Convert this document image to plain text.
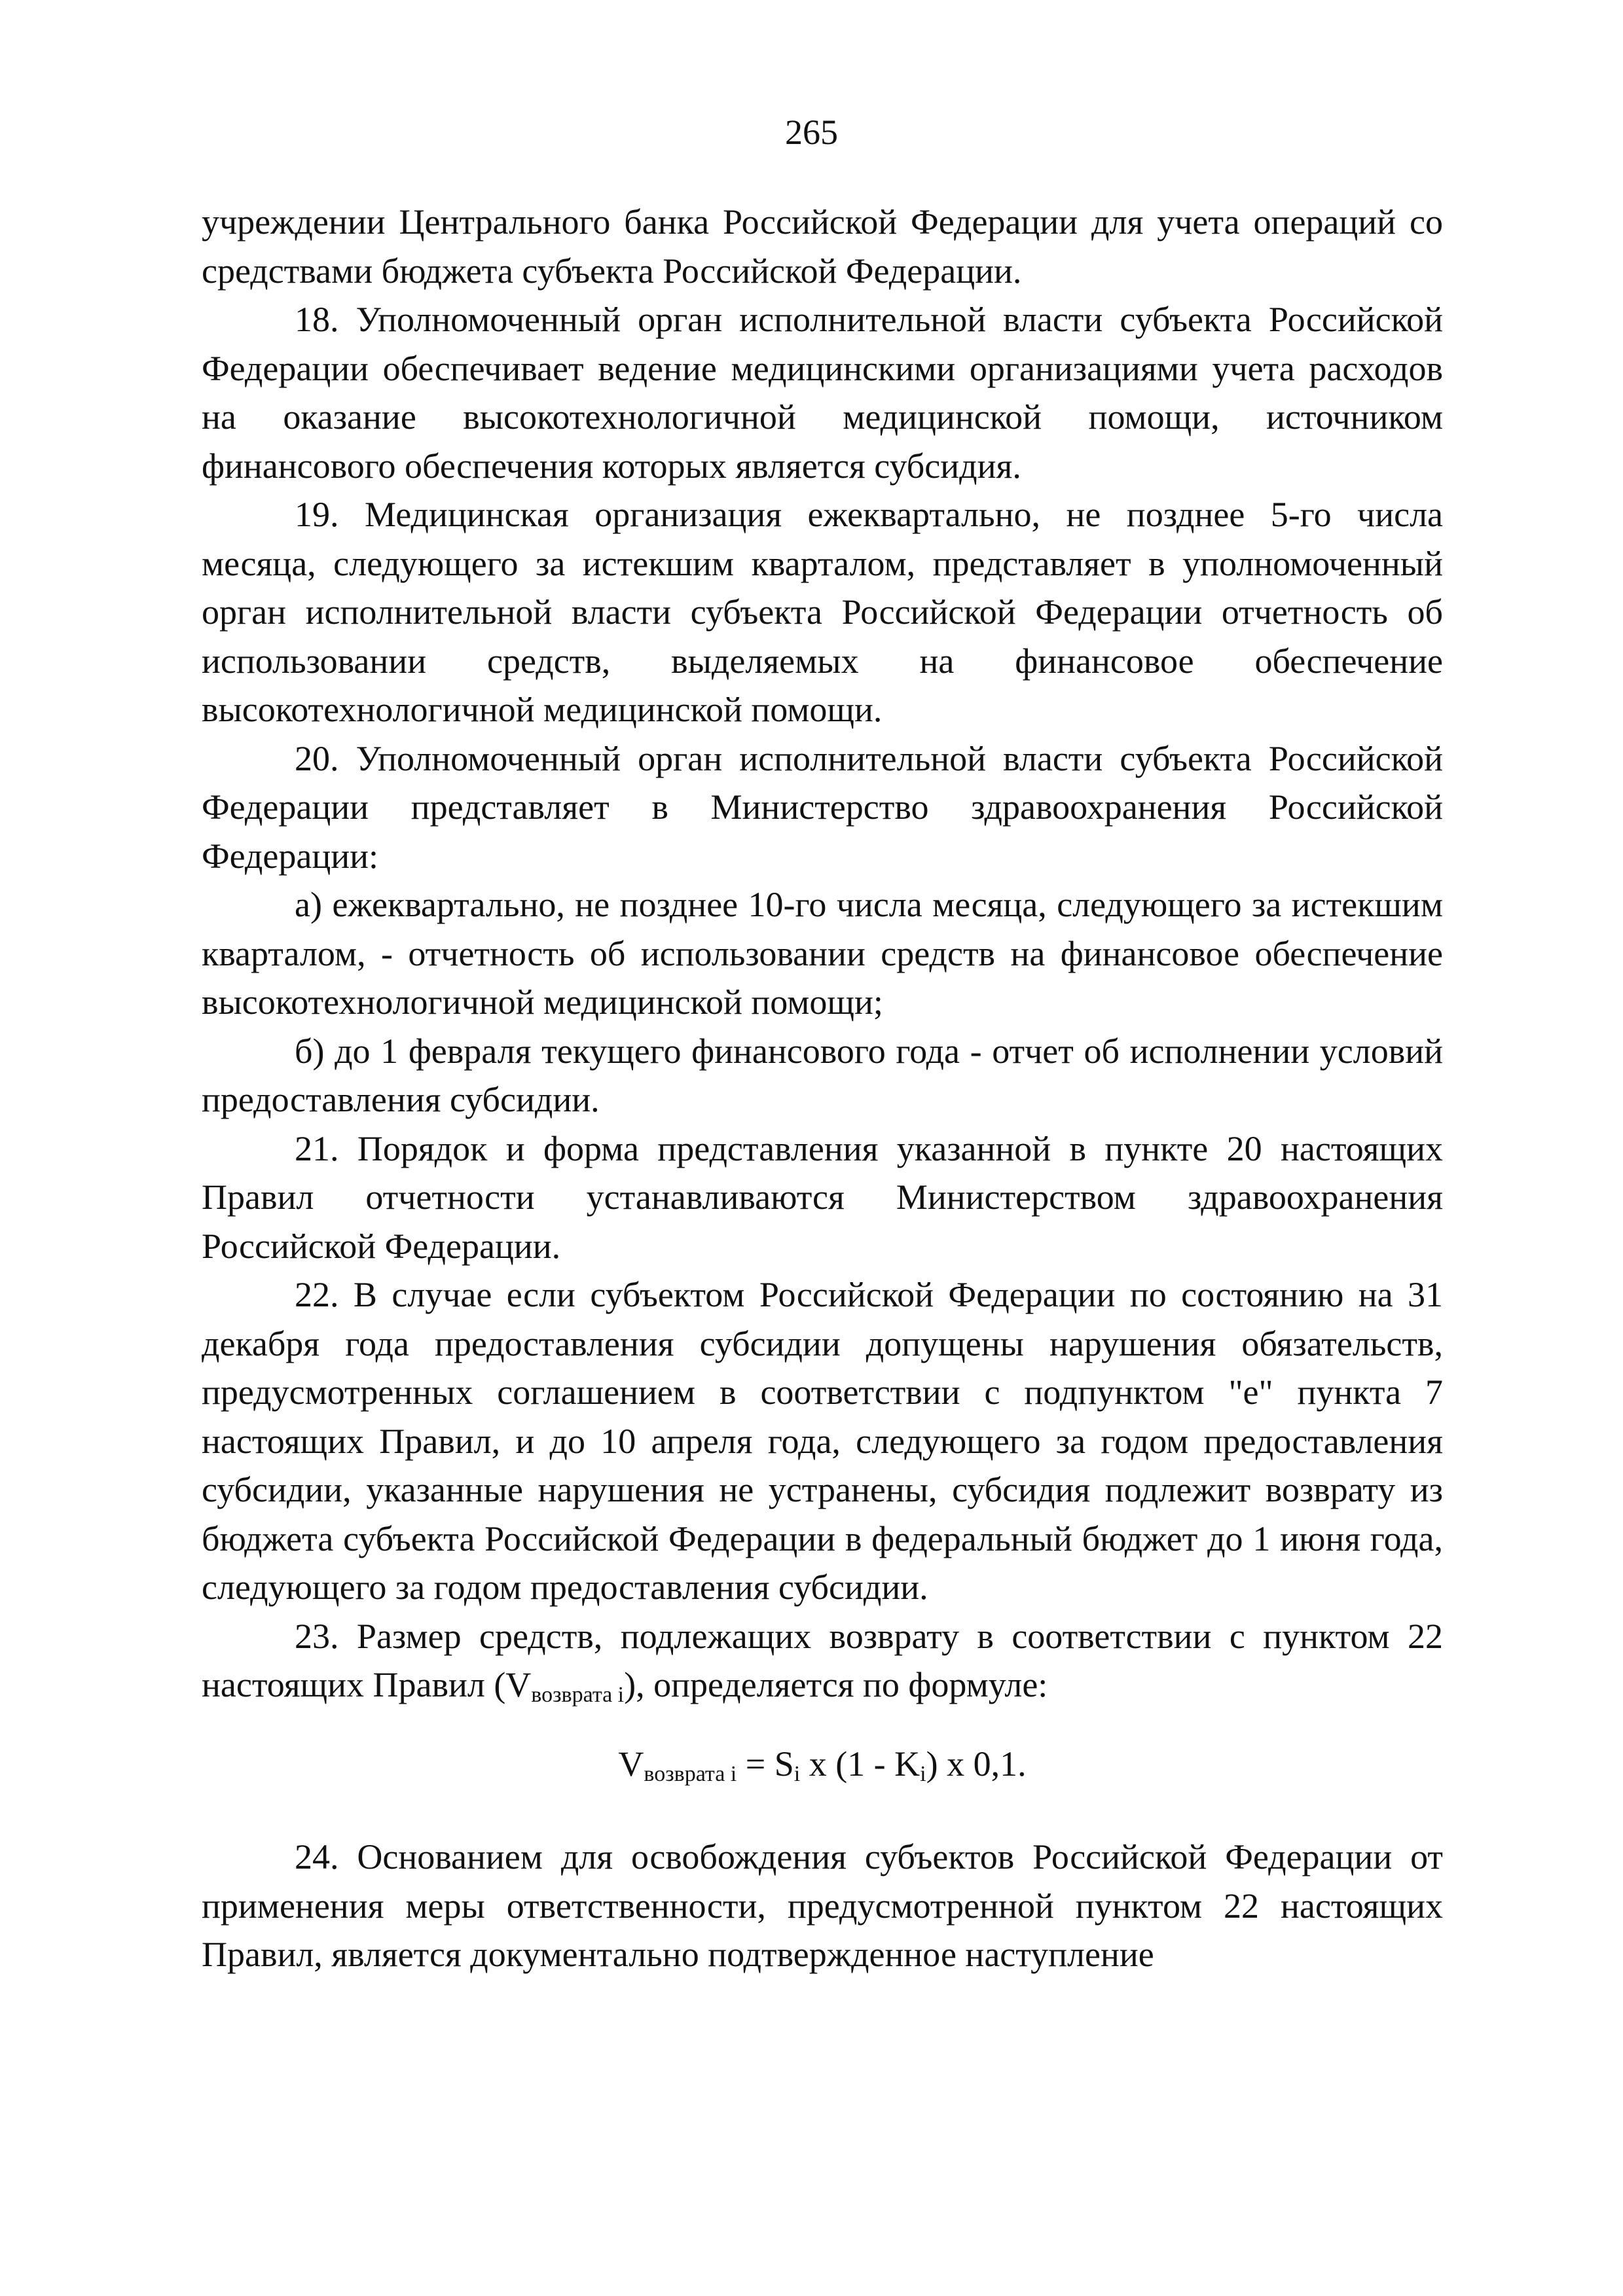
265

учреждении Центрального банка Российской Федерации для учета операций со средствами бюджета субъекта Российской Федерации.

18. Уполномоченный орган исполнительной власти субъекта Российской Федерации обеспечивает ведение медицинскими организациями учета расходов на оказание высокотехнологичной медицинской помощи, источником финансового обеспечения которых является субсидия.

19. Медицинская организация ежеквартально, не позднее 5-го числа месяца, следующего за истекшим кварталом, представляет в уполномоченный орган исполнительной власти субъекта Российской Федерации отчетность об использовании средств, выделяемых на финансовое обеспечение высокотехнологичной медицинской помощи.

20. Уполномоченный орган исполнительной власти субъекта Российской Федерации представляет в Министерство здравоохранения Российской Федерации:

а) ежеквартально, не позднее 10-го числа месяца, следующего за истекшим кварталом, - отчетность об использовании средств на финансовое обеспечение высокотехнологичной медицинской помощи;

б) до 1 февраля текущего финансового года - отчет об исполнении условий предоставления субсидии.

21. Порядок и форма представления указанной в пункте 20 настоящих Правил отчетности устанавливаются Министерством здравоохранения Российской Федерации.

22. В случае если субъектом Российской Федерации по состоянию на 31 декабря года предоставления субсидии допущены нарушения обязательств, предусмотренных соглашением в соответствии с подпунктом "е" пункта 7 настоящих Правил, и до 10 апреля года, следующего за годом предоставления субсидии, указанные нарушения не устранены, субсидия подлежит возврату из бюджета субъекта Российской Федерации в федеральный бюджет до 1 июня года, следующего за годом предоставления субсидии.

23. Размер средств, подлежащих возврату в соответствии с пунктом 22 настоящих Правил $(V_{возврата i})$, определяется по формуле:

$V_{возврата i} = S_i$ x $(1 - K_i)$ x 0,1.

24. Основанием для освобождения субъектов Российской Федерации от применения меры ответственности, предусмотренной пунктом 22 настоящих Правил, является документально подтвержденное наступление
